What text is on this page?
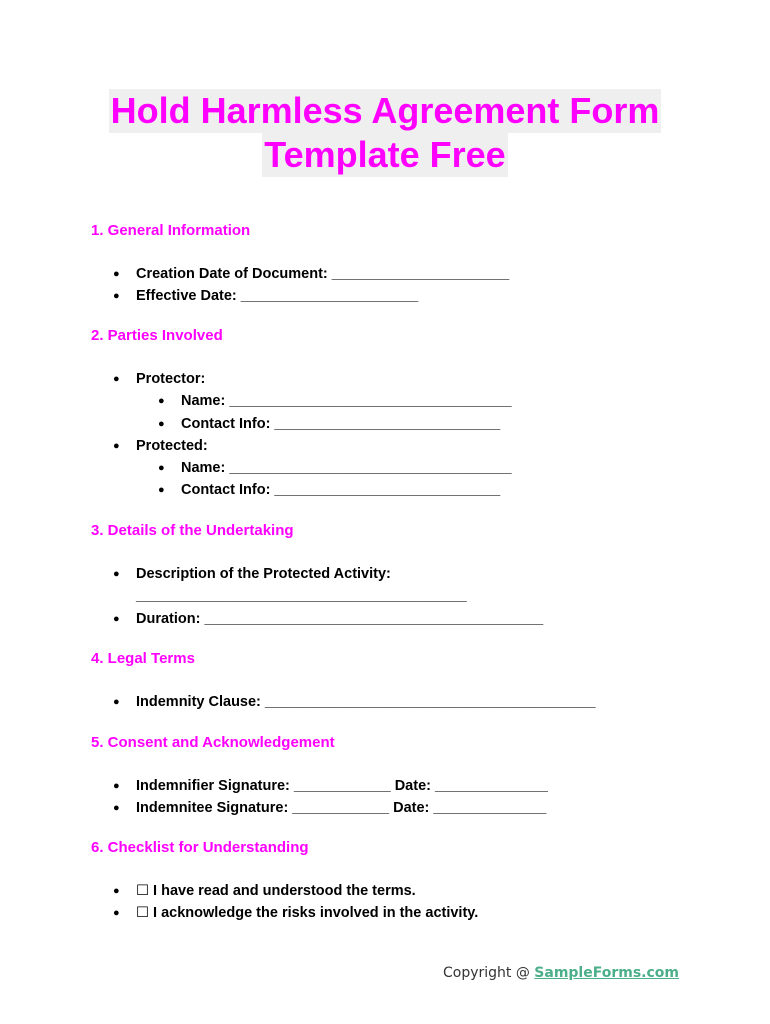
Hold Harmless Agreement Form
Template Free
1. General Information
● Creation Date of Document: ______________________
● Effective Date: ______________________
2. Parties Involved
● Protector:
● Name: ___________________________________
● Contact Info: ____________________________
● Protected:
● Name: ___________________________________
● Contact Info: ____________________________
3. Details of the Undertaking
● Description of the Protected Activity:
_________________________________________
● Duration: __________________________________________
4. Legal Terms
● Indemnity Clause: _________________________________________
5. Consent and Acknowledgement
● Indemnifier Signature: ____________ Date: ______________
● Indemnitee Signature: ____________ Date: ______________
6. Checklist for Understanding
● ☐ I have read and understood the terms.
● ☐ I acknowledge the risks involved in the activity.
Copyright @ SampleForms.com
